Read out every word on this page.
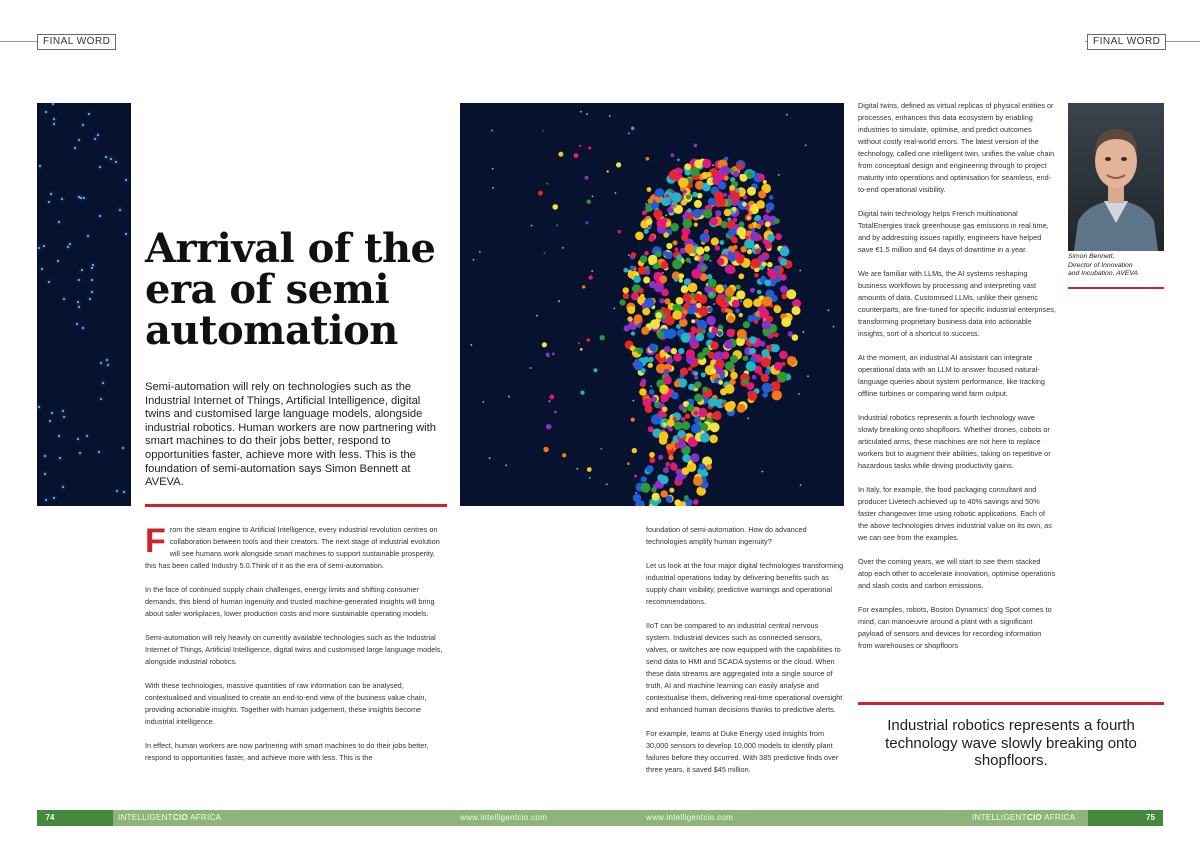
FINAL WORD	FINAL WORD
Arrival of the era of semi automation

Semi-automation will rely on technologies such as the Industrial Internet of Things, Artificial Intelligence, digital twins and customised large language models, alongside industrial robotics. Human workers are now partnering with smart machines to do their jobs better, respond to opportunities faster, achieve more with less. This is the foundation of semi-automation says Simon Bennett at AVEVA.

From the steam engine to Artificial Intelligence, every industrial revolution centres on collaboration between tools and their creators. The next stage of industrial evolution will see humans work alongside smart machines to support sustainable prosperity, this has been called Industry 5.0.Think of it as the era of semi-automation.

In the face of continued supply chain challenges, energy limits and shifting consumer demands, this blend of human ingenuity and trusted machine-generated insights will bring about safer workplaces, lower production costs and more sustainable operating models.

Semi-automation will rely heavily on currently available technologies such as the Industrial Internet of Things, Artificial Intelligence, digital twins and customised large language models, alongside industrial robotics.

With these technologies, massive quantities of raw information can be analysed, contextualised and visualised to create an end-to-end view of the business value chain, providing actionable insights. Together with human judgement, these insights become industrial intelligence.

In effect, human workers are now partnering with smart machines to do their jobs better, respond to opportunities faster, and achieve more with less. This is the

foundation of semi-automation. How do advanced technologies amplify human ingenuity?

Let us look at the four major digital technologies transforming industrial operations today by delivering benefits such as supply chain visibility, predictive warnings and operational recommendations.

IIoT can be compared to an industrial central nervous system. Industrial devices such as connected sensors, valves, or switches are now equipped with the capabilities to send data to HMI and SCADA systems or the cloud. When these data streams are aggregated into a single source of truth, AI and machine learning can easily analyse and contextualise them, delivering real-time operational oversight and enhanced human decisions thanks to predictive alerts.

For example, teams at Duke Energy used insights from 30,000 sensors to develop 10,000 models to identify plant failures before they occurred. With 385 predictive finds over three years, it saved $45 million.

Digital twins, defined as virtual replicas of physical entities or processes, enhances this data ecosystem by enabling industries to simulate, optimise, and predict outcomes without costly real-world errors. The latest version of the technology, called one intelligent twin, unifies the value chain from conceptual design and engineering through to project maturity into operations and optimisation for seamless, end-to-end operational visibility.

Digital twin technology helps French multinational TotalEnergies track greenhouse gas emissions in real time, and by addressing issues rapidly, engineers have helped save €1.5 million and 64 days of downtime in a year.

We are familiar with LLMs, the AI systems reshaping business workflows by processing and interpreting vast amounts of data. Customised LLMs, unlike their generic counterparts, are fine-tuned for specific industrial enterprises, transforming proprietary business data into actionable insights, sort of a shortcut to success.

At the moment, an industrial AI assistant can integrate operational data with an LLM to answer focused natural-language queries about system performance, like tracking offline turbines or comparing wind farm output.

Industrial robotics represents a fourth technology wave slowly breaking onto shopfloors. Whether drones, cobots or articulated arms, these machines are not here to replace workers but to augment their abilities, taking on repetitive or hazardous tasks while driving productivity gains.

In Italy, for example, the food packaging consultant and producer Livetech achieved up to 40% savings and 50% faster changeover time using robotic applications. Each of the above technologies drives industrial value on its own, as we can see from the examples.

Over the coming years, we will start to see them stacked atop each other to accelerate innovation, optimise operations and slash costs and carbon emissions.

For examples, robots, Boston Dynamics' dog Spot comes to mind, can manoeuvre around a plant with a significant payload of sensors and devices for recording information from warehouses or shopfloors

Simon Bennett,
Director of Innovation
and Incubation, AVEVA

Industrial robotics represents a fourth technology wave slowly breaking onto shopfloors.

74	INTELLIGENTCIO AFRICA	www.intelligentcio.com	www.intelligentcio.com	INTELLIGENTCIO AFRICA	75
